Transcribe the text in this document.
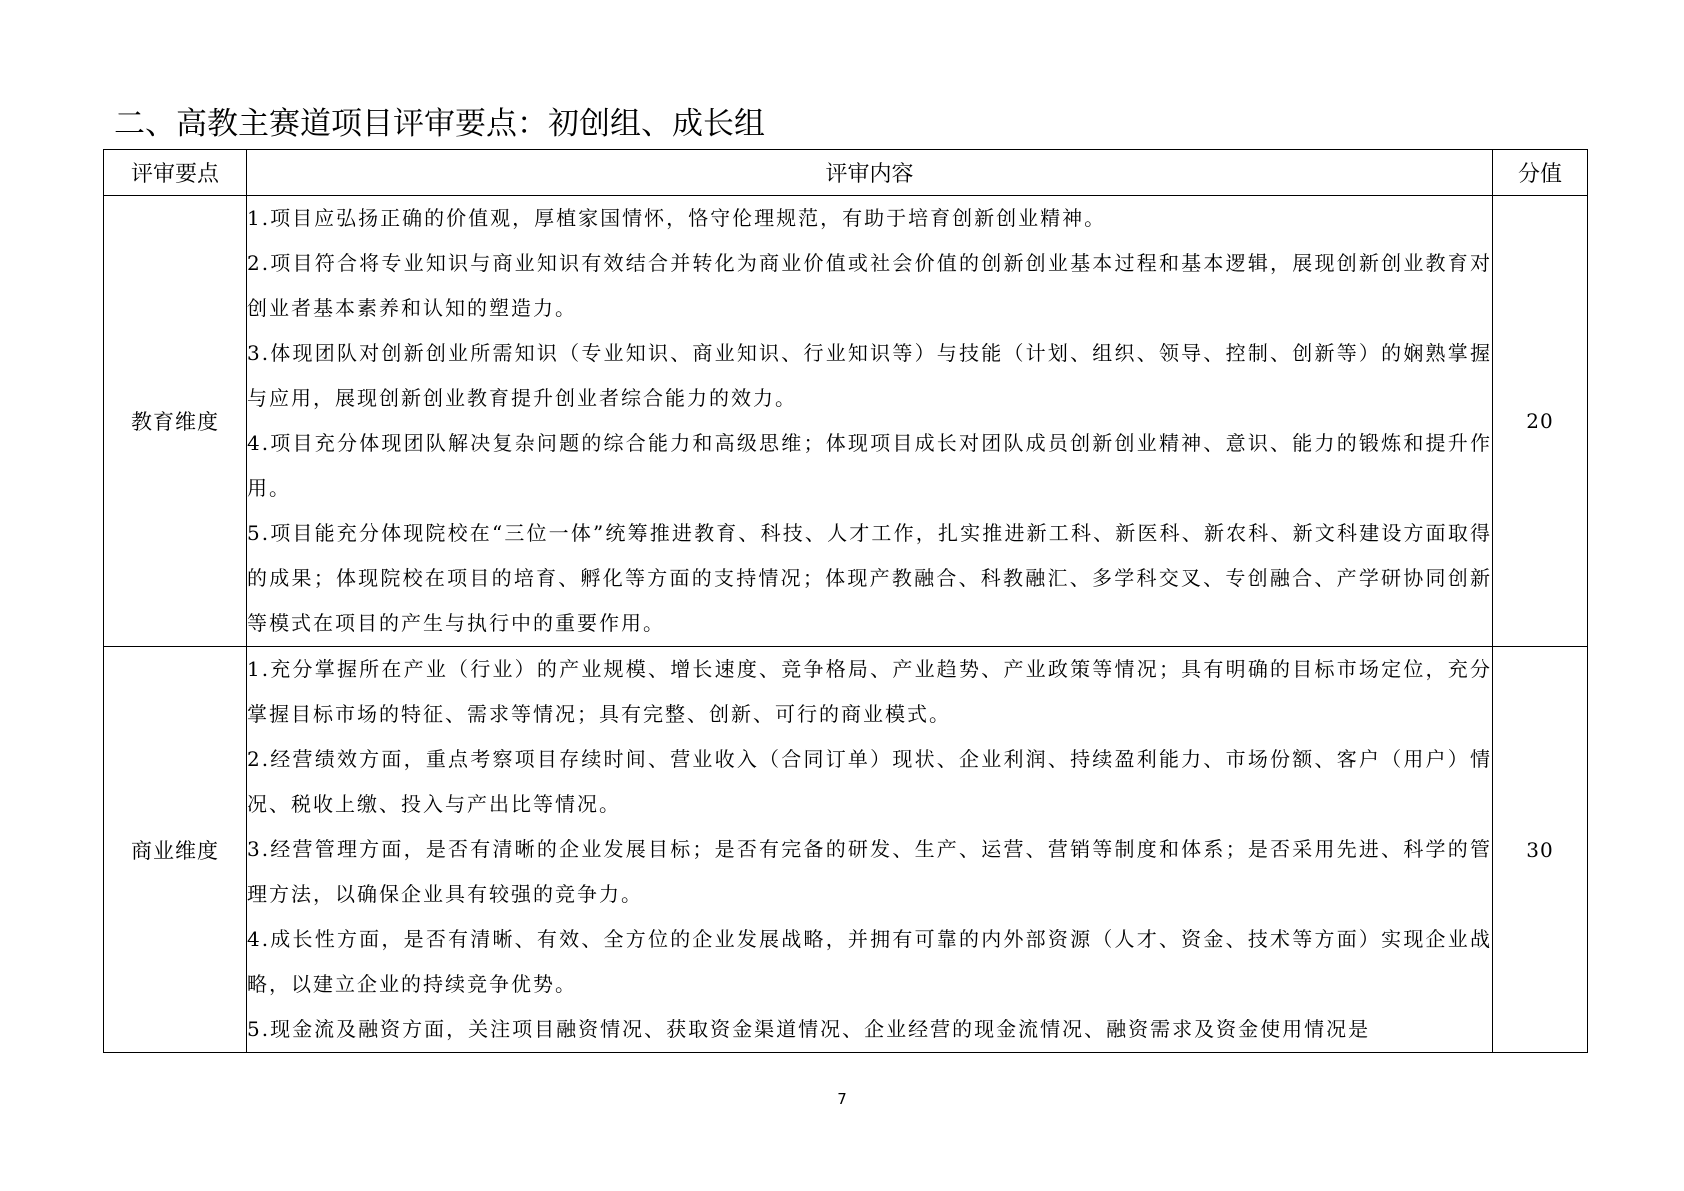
二、高教主赛道项目评审要点：初创组、成长组
评审要点	评审内容	分值
教育维度	1.项目应弘扬正确的价值观，厚植家国情怀，恪守伦理规范，有助于培育创新创业精神。
2.项目符合将专业知识与商业知识有效结合并转化为商业价值或社会价值的创新创业基本过程和基本逻辑，展现创新创业教育对创业者基本素养和认知的塑造力。
3.体现团队对创新创业所需知识（专业知识、商业知识、行业知识等）与技能（计划、组织、领导、控制、创新等）的娴熟掌握与应用，展现创新创业教育提升创业者综合能力的效力。
4.项目充分体现团队解决复杂问题的综合能力和高级思维；体现项目成长对团队成员创新创业精神、意识、能力的锻炼和提升作用。
5.项目能充分体现院校在“三位一体”统筹推进教育、科技、人才工作，扎实推进新工科、新医科、新农科、新文科建设方面取得的成果；体现院校在项目的培育、孵化等方面的支持情况；体现产教融合、科教融汇、多学科交叉、专创融合、产学研协同创新等模式在项目的产生与执行中的重要作用。	20
商业维度	1.充分掌握所在产业（行业）的产业规模、增长速度、竞争格局、产业趋势、产业政策等情况；具有明确的目标市场定位，充分掌握目标市场的特征、需求等情况；具有完整、创新、可行的商业模式。
2.经营绩效方面，重点考察项目存续时间、营业收入（合同订单）现状、企业利润、持续盈利能力、市场份额、客户（用户）情况、税收上缴、投入与产出比等情况。
3.经营管理方面，是否有清晰的企业发展目标；是否有完备的研发、生产、运营、营销等制度和体系；是否采用先进、科学的管理方法，以确保企业具有较强的竞争力。
4.成长性方面，是否有清晰、有效、全方位的企业发展战略，并拥有可靠的内外部资源（人才、资金、技术等方面）实现企业战略，以建立企业的持续竞争优势。
5.现金流及融资方面，关注项目融资情况、获取资金渠道情况、企业经营的现金流情况、融资需求及资金使用情况是	30
7
